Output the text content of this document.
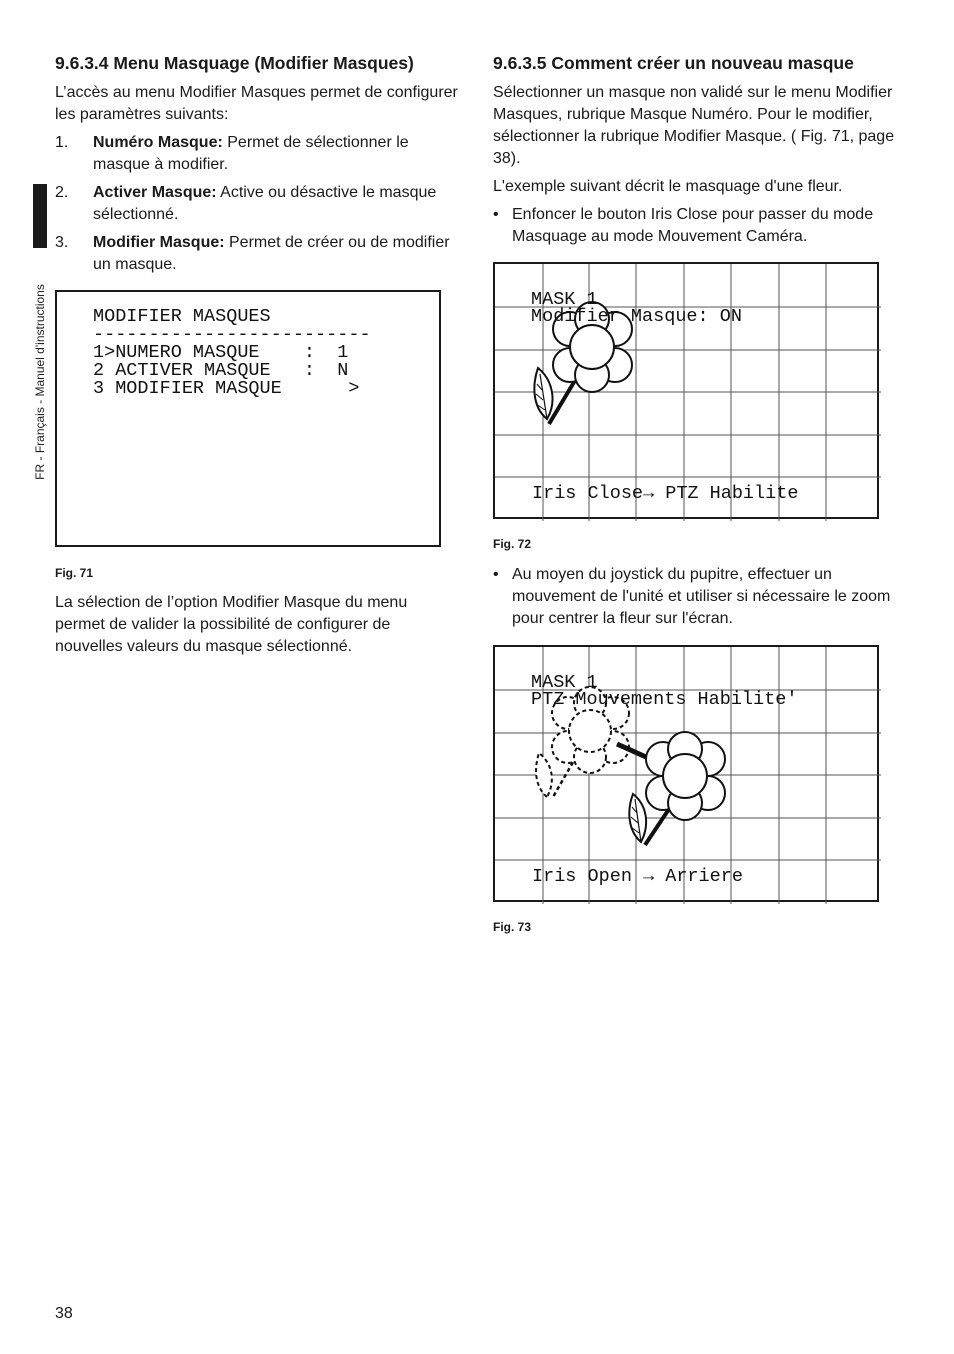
FR - Français - Manuel d'instructions
9.6.3.4 Menu Masquage (Modifier Masques)

L’accès au menu Modifier Masques permet de configurer les paramètres suivants:

1. Numéro Masque: Permet de sélectionner le masque à modifier.
2. Activer Masque: Active ou désactive le masque sélectionné.
3. Modifier Masque: Permet de créer ou de modifier un masque.
MODIFIER MASQUES
-------------------------
1>NUMERO MASQUE    :  1
2 ACTIVER MASQUE   :  N
3 MODIFIER MASQUE      >
Fig. 71

La sélection de l’option Modifier Masque du menu permet de valider la possibilité de configurer de nouvelles valeurs du masque sélectionné.

9.6.3.5 Comment créer un nouveau masque

Sélectionner un masque non validé sur le menu Modifier Masques, rubrique Masque Numéro. Pour le modifier, sélectionner la rubrique Modifier Masque. ( Fig. 71, page 38).

L'exemple suivant décrit le masquage d'une fleur.

• Enfoncer le bouton Iris Close pour passer du mode Masquage au mode Mouvement Caméra.
MASK 1
Modifier Masque: ON
Iris Close→ PTZ Habilite
Fig. 72
• Au moyen du joystick du pupitre, effectuer un mouvement de l'unité et utiliser si nécessaire le zoom pour centrer la fleur sur l'écran.
MASK 1
PTZ Mouvements Habilite'
Iris Open → Arriere
Fig. 73
38
